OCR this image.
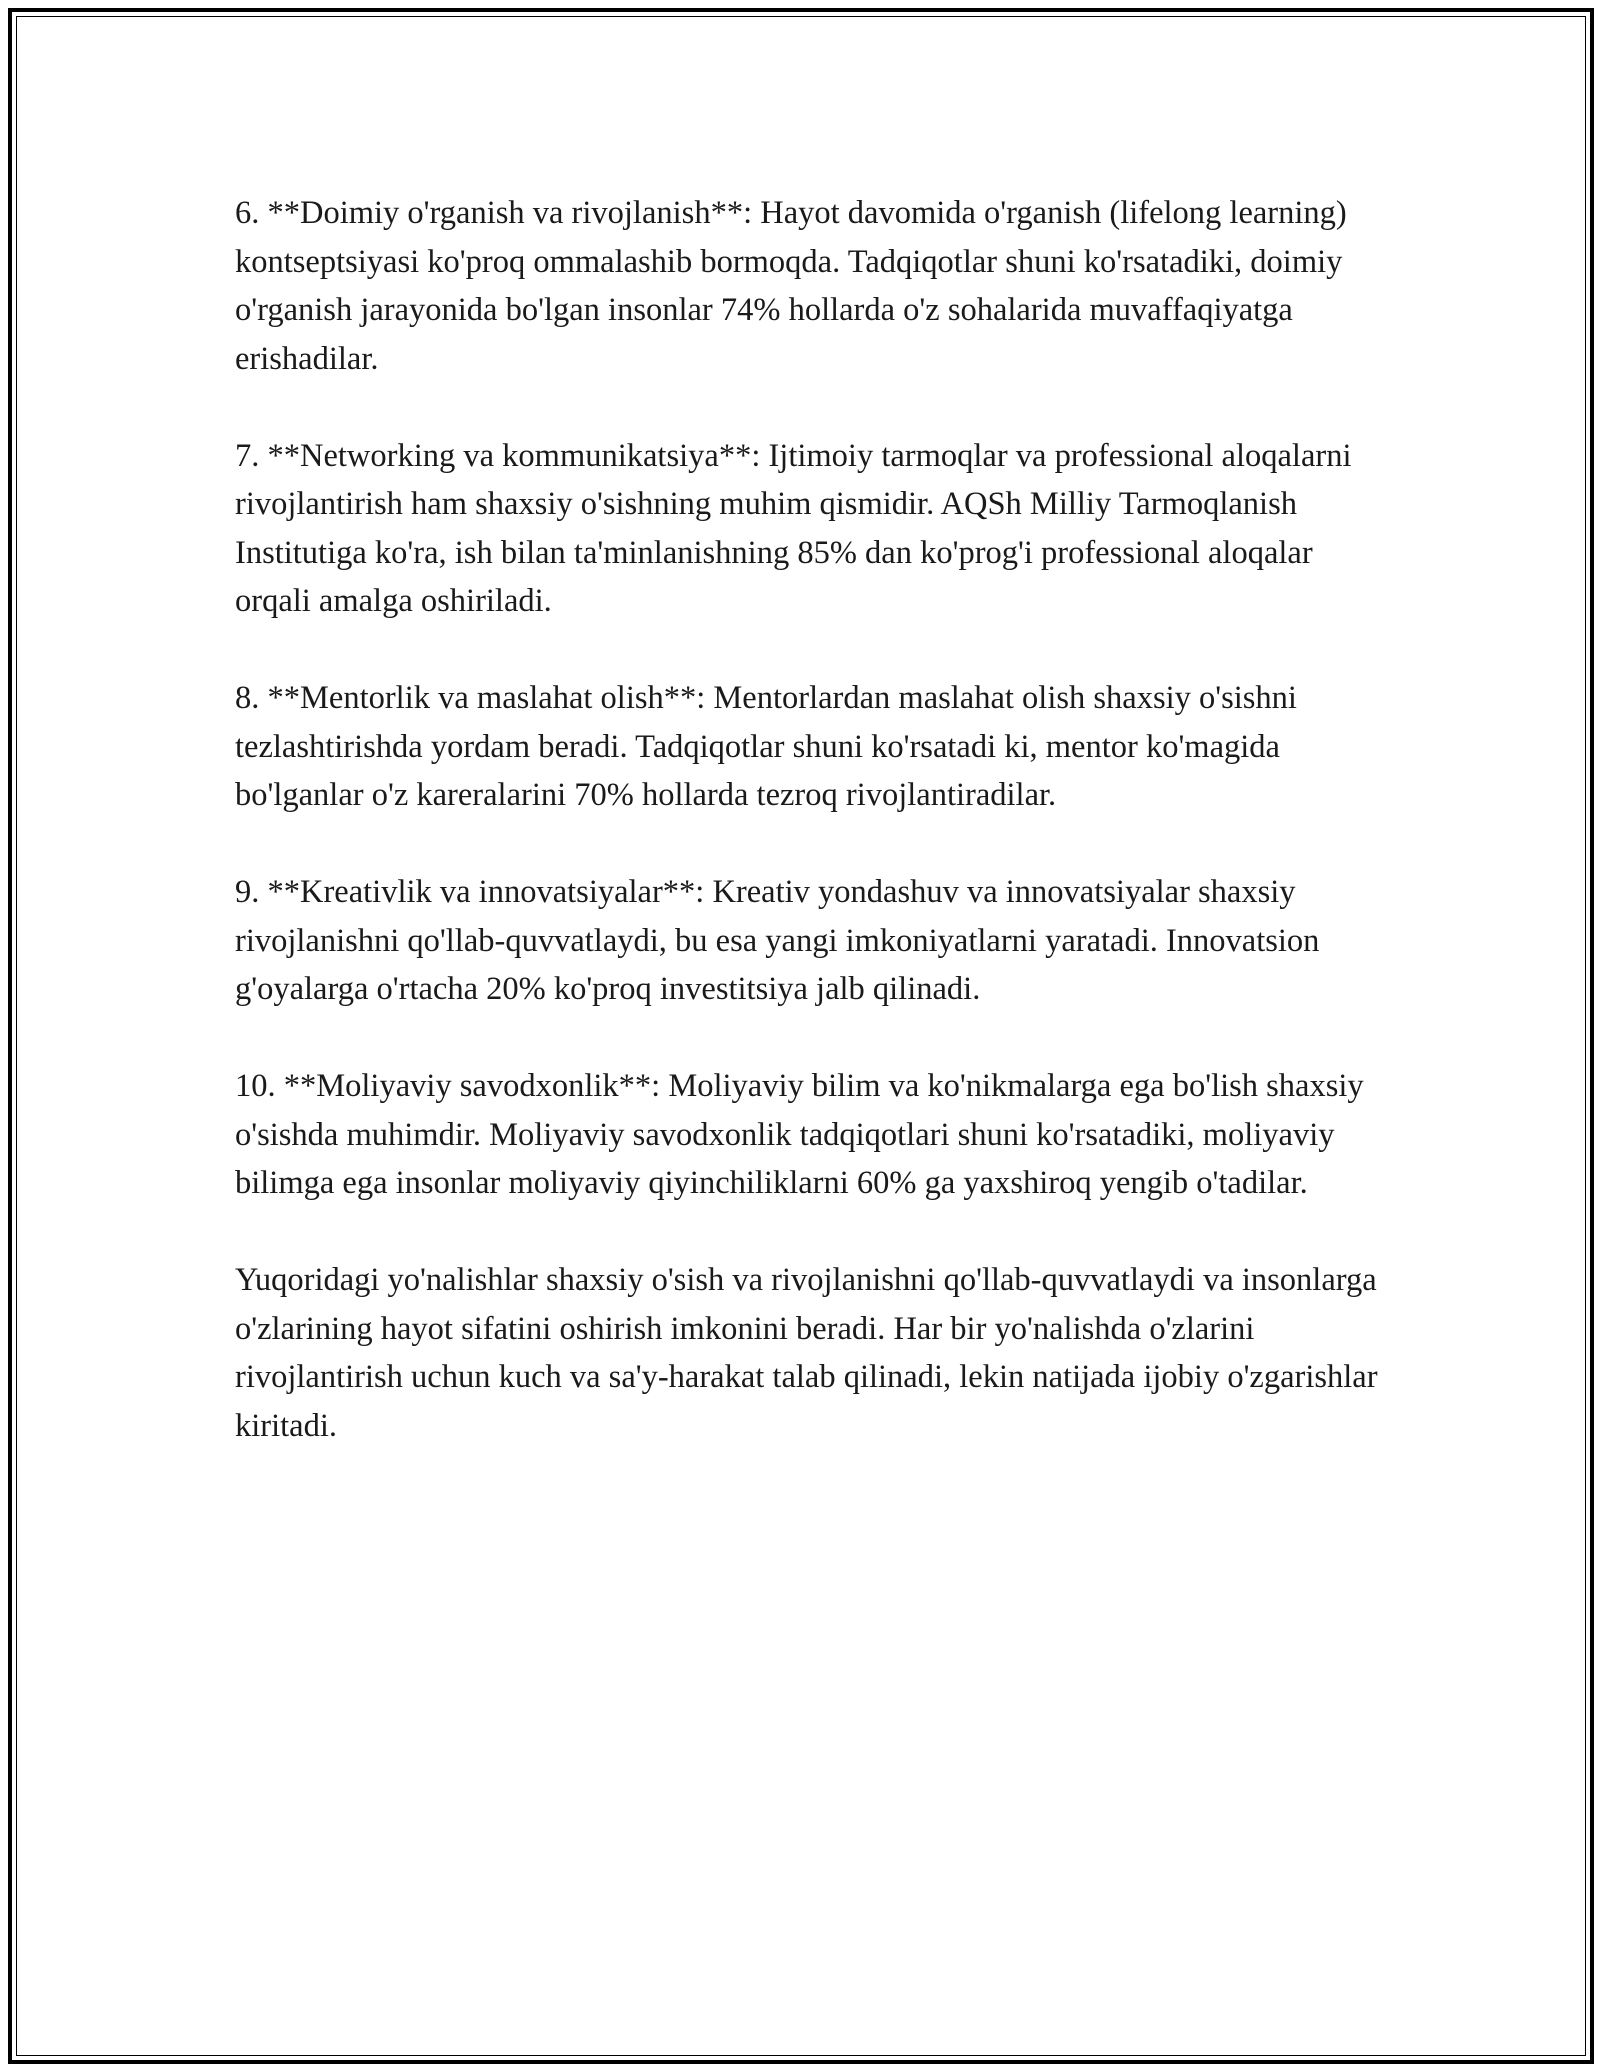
6. **Doimiy o'rganish va rivojlanish**: Hayot davomida o'rganish (lifelong learning) kontseptsiyasi ko'proq ommalashib bormoqda. Tadqiqotlar shuni ko'rsatadiki, doimiy o'rganish jarayonida bo'lgan insonlar 74% hollarda o'z sohalarida muvaffaqiyatga erishadilar.

7. **Networking va kommunikatsiya**: Ijtimoiy tarmoqlar va professional aloqalarni rivojlantirish ham shaxsiy o'sishning muhim qismidir. AQSh Milliy Tarmoqlanish Institutiga ko'ra, ish bilan ta'minlanishning 85% dan ko'prog'i professional aloqalar orqali amalga oshiriladi.

8. **Mentorlik va maslahat olish**: Mentorlardan maslahat olish shaxsiy o'sishni tezlashtirishda yordam beradi. Tadqiqotlar shuni ko'rsatadi ki, mentor ko'magida bo'lganlar o'z kareralarini 70% hollarda tezroq rivojlantiradilar.

9. **Kreativlik va innovatsiyalar**: Kreativ yondashuv va innovatsiyalar shaxsiy rivojlanishni qo'llab-quvvatlaydi, bu esa yangi imkoniyatlarni yaratadi. Innovatsion g'oyalarga o'rtacha 20% ko'proq investitsiya jalb qilinadi.

10. **Moliyaviy savodxonlik**: Moliyaviy bilim va ko'nikmalarga ega bo'lish shaxsiy o'sishda muhimdir. Moliyaviy savodxonlik tadqiqotlari shuni ko'rsatadiki, moliyaviy bilimga ega insonlar moliyaviy qiyinchiliklarni 60% ga yaxshiroq yengib o'tadilar.

Yuqoridagi yo'nalishlar shaxsiy o'sish va rivojlanishni qo'llab-quvvatlaydi va insonlarga o'zlarining hayot sifatini oshirish imkonini beradi. Har bir yo'nalishda o'zlarini rivojlantirish uchun kuch va sa'y-harakat talab qilinadi, lekin natijada ijobiy o'zgarishlar kiritadi.
